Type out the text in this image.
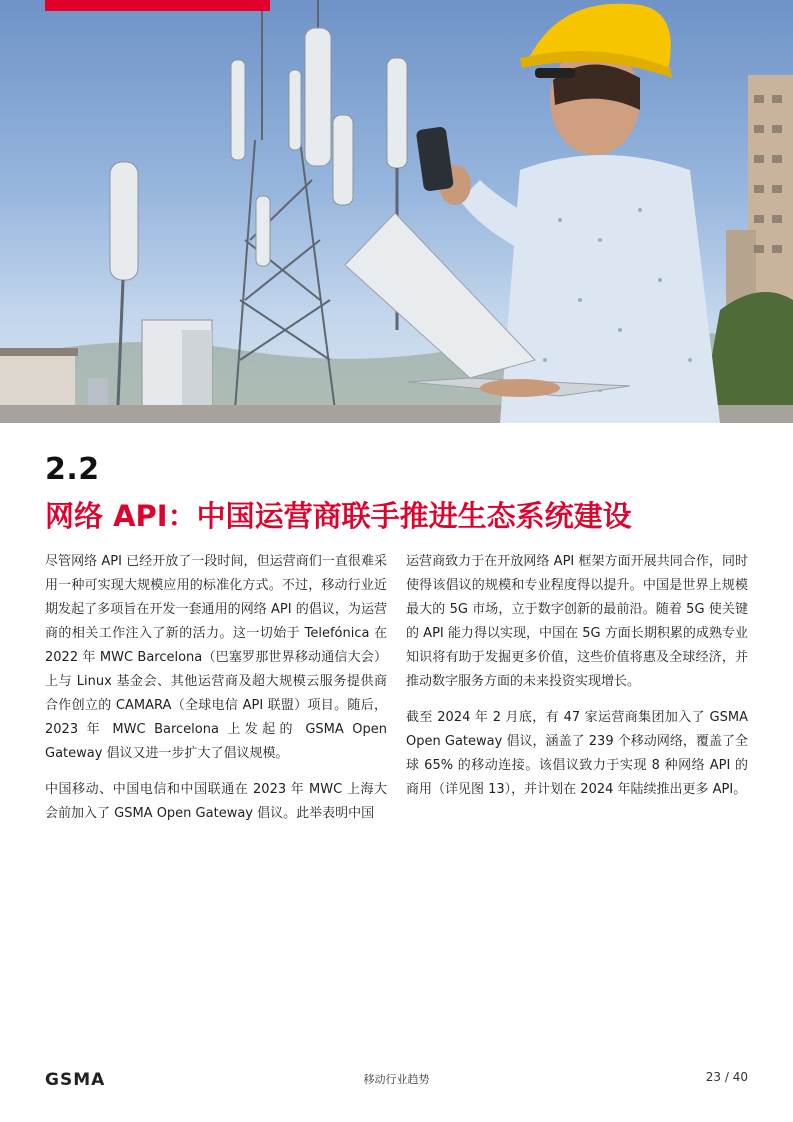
2.2
网络 API：中国运营商联手推进生态系统建设

尽管网络 API 已经开放了一段时间，但运营商们一直很难采用一种可实现大规模应用的标准化方式。不过，移动行业近期发起了多项旨在开发一套通用的网络 API 的倡议，为运营商的相关工作注入了新的活力。这一切始于 Telefónica 在 2022 年 MWC Barcelona（巴塞罗那世界移动通信大会）上与 Linux 基金会、其他运营商及超大规模云服务提供商合作创立的 CAMARA（全球电信 API 联盟）项目。随后，2023 年 MWC Barcelona 上发起的 GSMA Open Gateway 倡议又进一步扩大了倡议规模。

中国移动、中国电信和中国联通在 2023 年 MWC 上海大会前加入了 GSMA Open Gateway 倡议。此举表明中国

运营商致力于在开放网络 API 框架方面开展共同合作，同时使得该倡议的规模和专业程度得以提升。中国是世界上规模最大的 5G 市场，立于数字创新的最前沿。随着 5G 使关键的 API 能力得以实现，中国在 5G 方面长期积累的成熟专业知识将有助于发掘更多价值，这些价值将惠及全球经济，并推动数字服务方面的未来投资实现增长。

截至 2024 年 2 月底，有 47 家运营商集团加入了 GSMA Open Gateway 倡议，涵盖了 239 个移动网络，覆盖了全球 65% 的移动连接。该倡议致力于实现 8 种网络 API 的商用（详见图 13），并计划在 2024 年陆续推出更多 API。

GSMA	移动行业趋势	23 / 40
